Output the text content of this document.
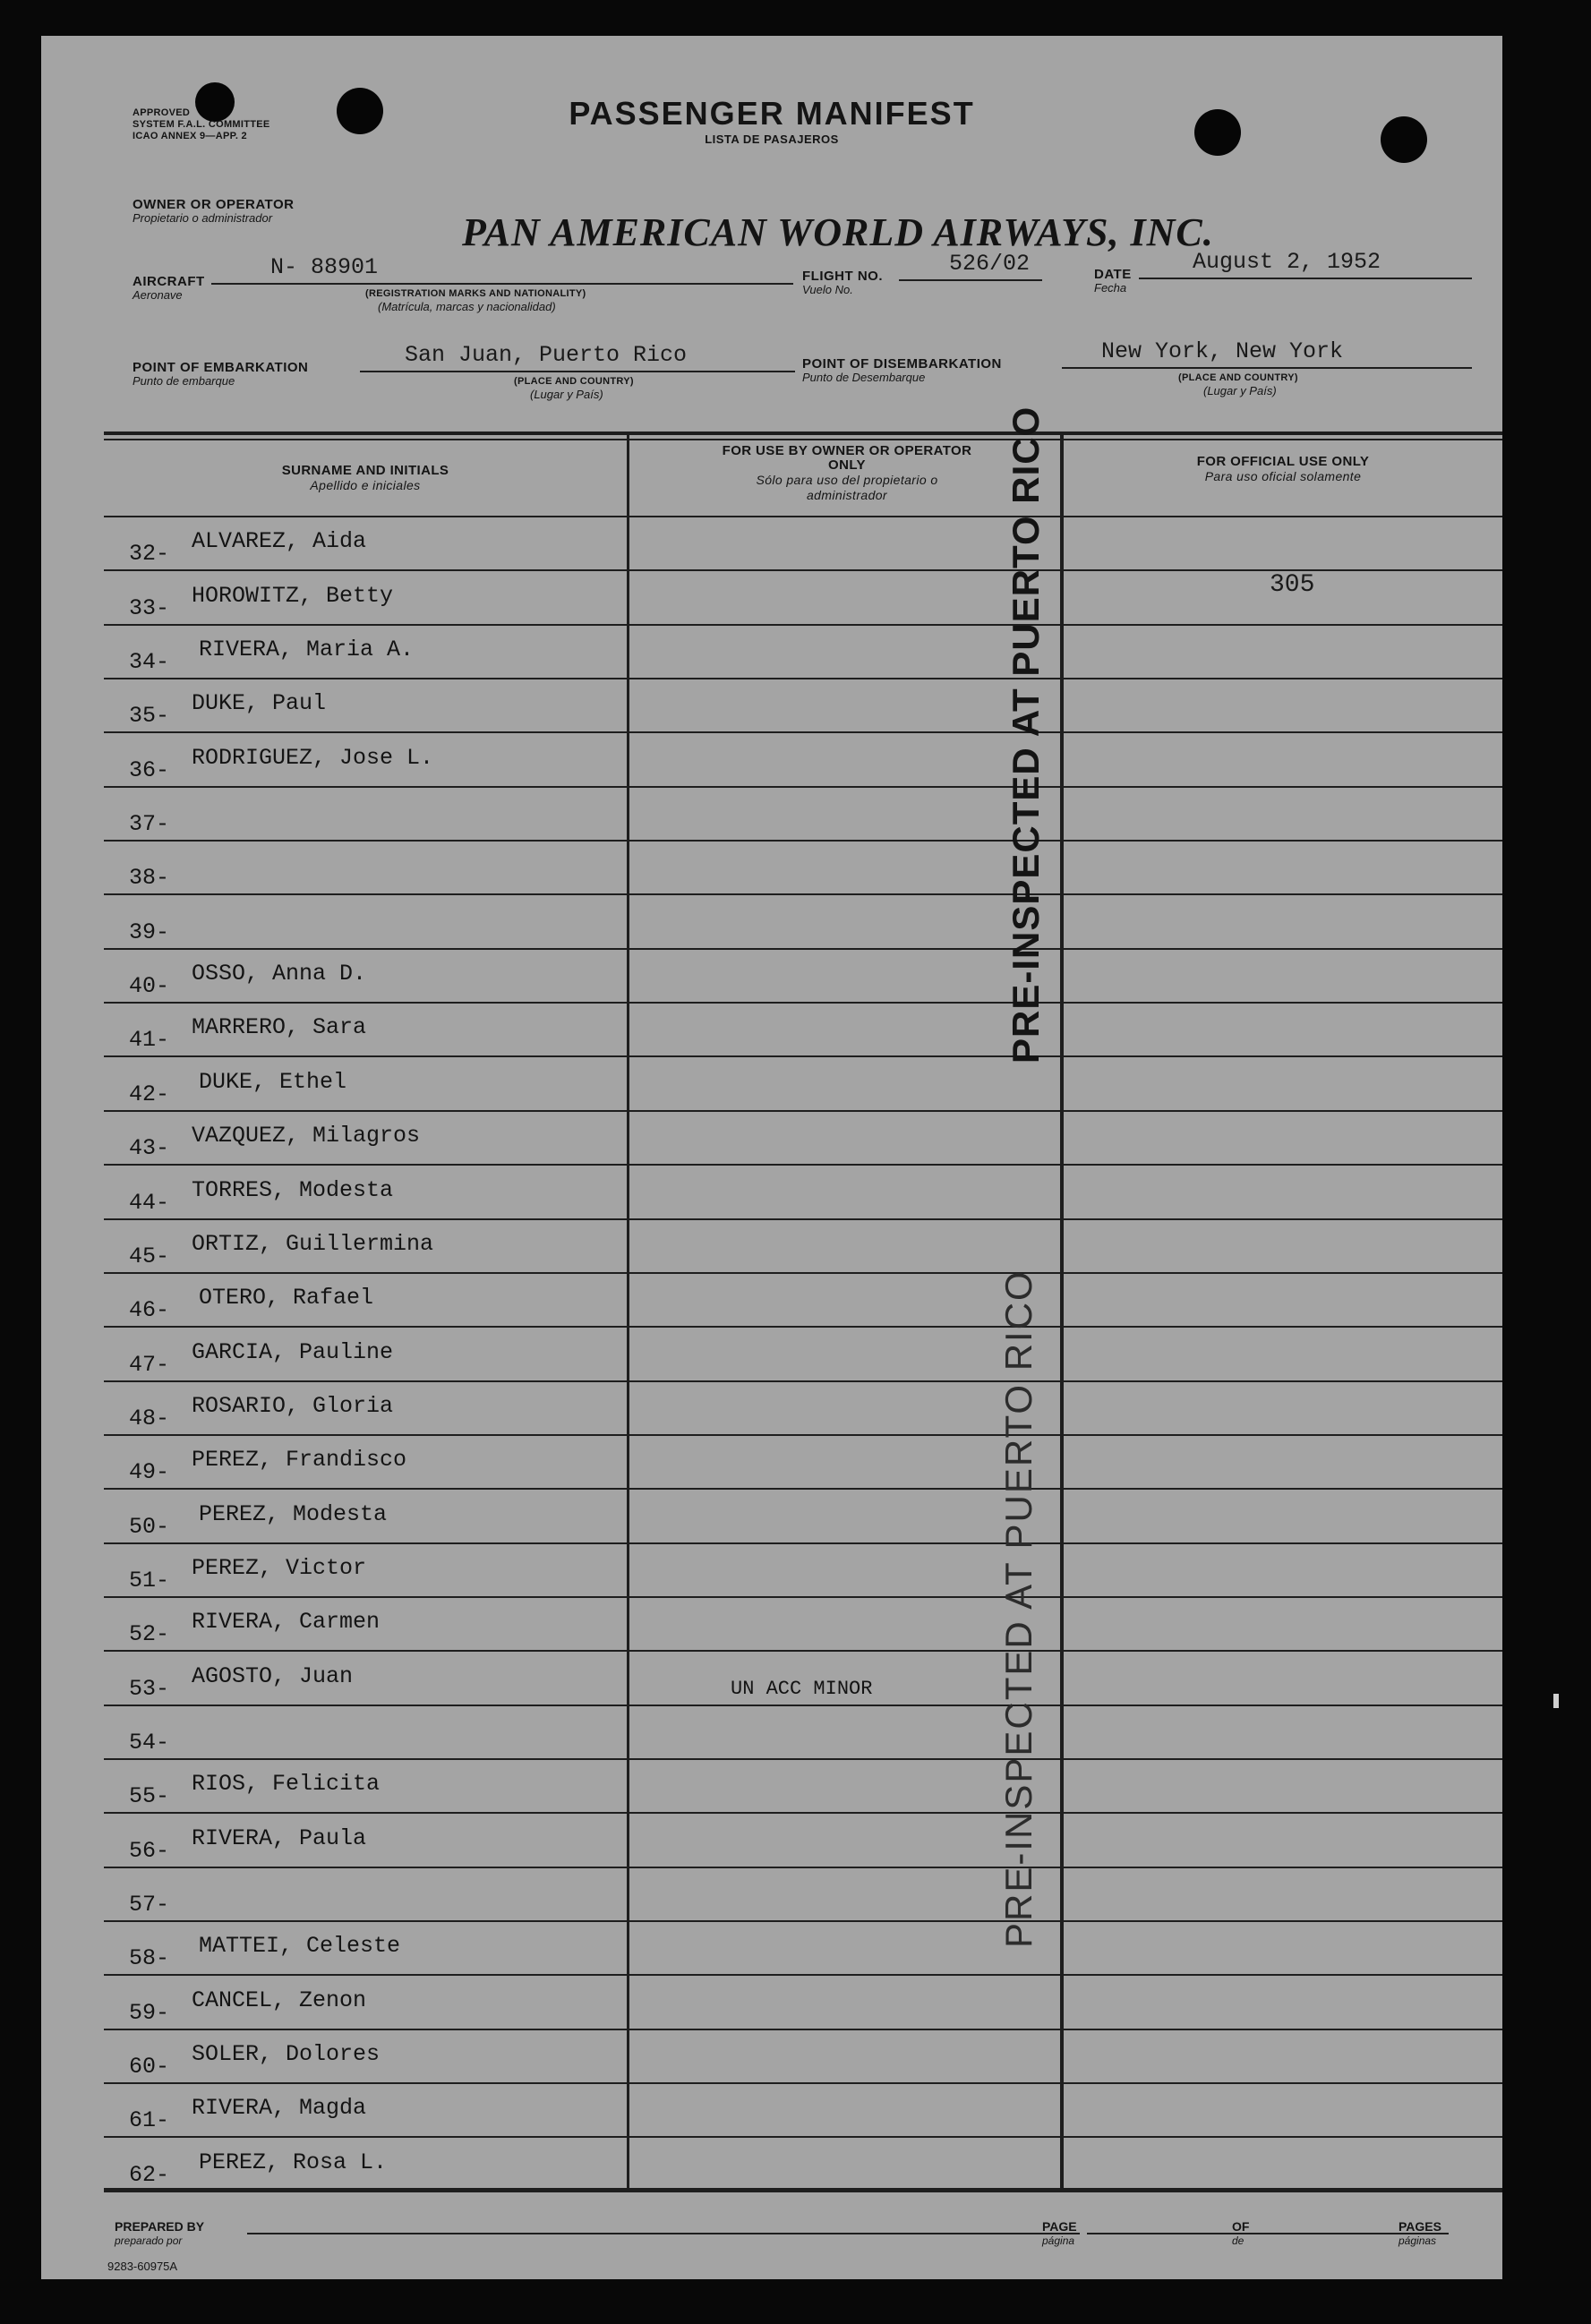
APPROVED
SYSTEM F.A.L. COMMITTEE
ICAO ANNEX 9—APP. 2
PASSENGER MANIFEST
LISTA DE PASAJEROS
OWNER OR OPERATOR
Propietario o administrador	PAN AMERICAN WORLD AIRWAYS, INC.
AIRCRAFT
Aeronave
N- 88901
(REGISTRATION MARKS AND NATIONALITY)
(Matrícula, marcas y nacionalidad)
FLIGHT NO.
Vuelo No.
526/02	DATE
Fecha
August 2, 1952
POINT OF EMBARKATION
Punto de embarque
San Juan, Puerto Rico
(PLACE AND COUNTRY)
(Lugar y País)
POINT OF DISEMBARKATION
Punto de Desembarque
New York, New York
(PLACE AND COUNTRY)
(Lugar y País)
SURNAME AND INITIALS
Apellido e iniciales
FOR USE BY OWNER OR OPERATOR ONLY
Sólo para uso del propietario o administrador
FOR OFFICIAL USE ONLY
Para uso oficial solamente
32- ALVAREZ, Aida
33- HOROWITZ, Betty
34- RIVERA, Maria A.
35- DUKE, Paul
36- RODRIGUEZ, Jose L.
37-
38-
39-
40- OSSO, Anna D.
41- MARRERO, Sara
42- DUKE, Ethel
43- VAZQUEZ, Milagros
44- TORRES, Modesta
45- ORTIZ, Guillermina
46- OTERO, Rafael
47- GARCIA, Pauline
48- ROSARIO, Gloria
49- PEREZ, Frandisco
50- PEREZ, Modesta
51- PEREZ, Victor
52- RIVERA, Carmen
53- AGOSTO, Juan
54-
55- RIOS, Felicita
56- RIVERA, Paula
57-
58- MATTEI, Celeste
59- CANCEL, Zenon
60- SOLER, Dolores
61- RIVERA, Magda
62- PEREZ, Rosa L.
305
UN ACC MINOR
PRE-INSPECTED AT PUERTO RICO
PRE-INSPECTED AT PUERTO RICO
PREPARED BY
preparado por
PAGE
página
OF
de
PAGES
páginas
9283-60975A
